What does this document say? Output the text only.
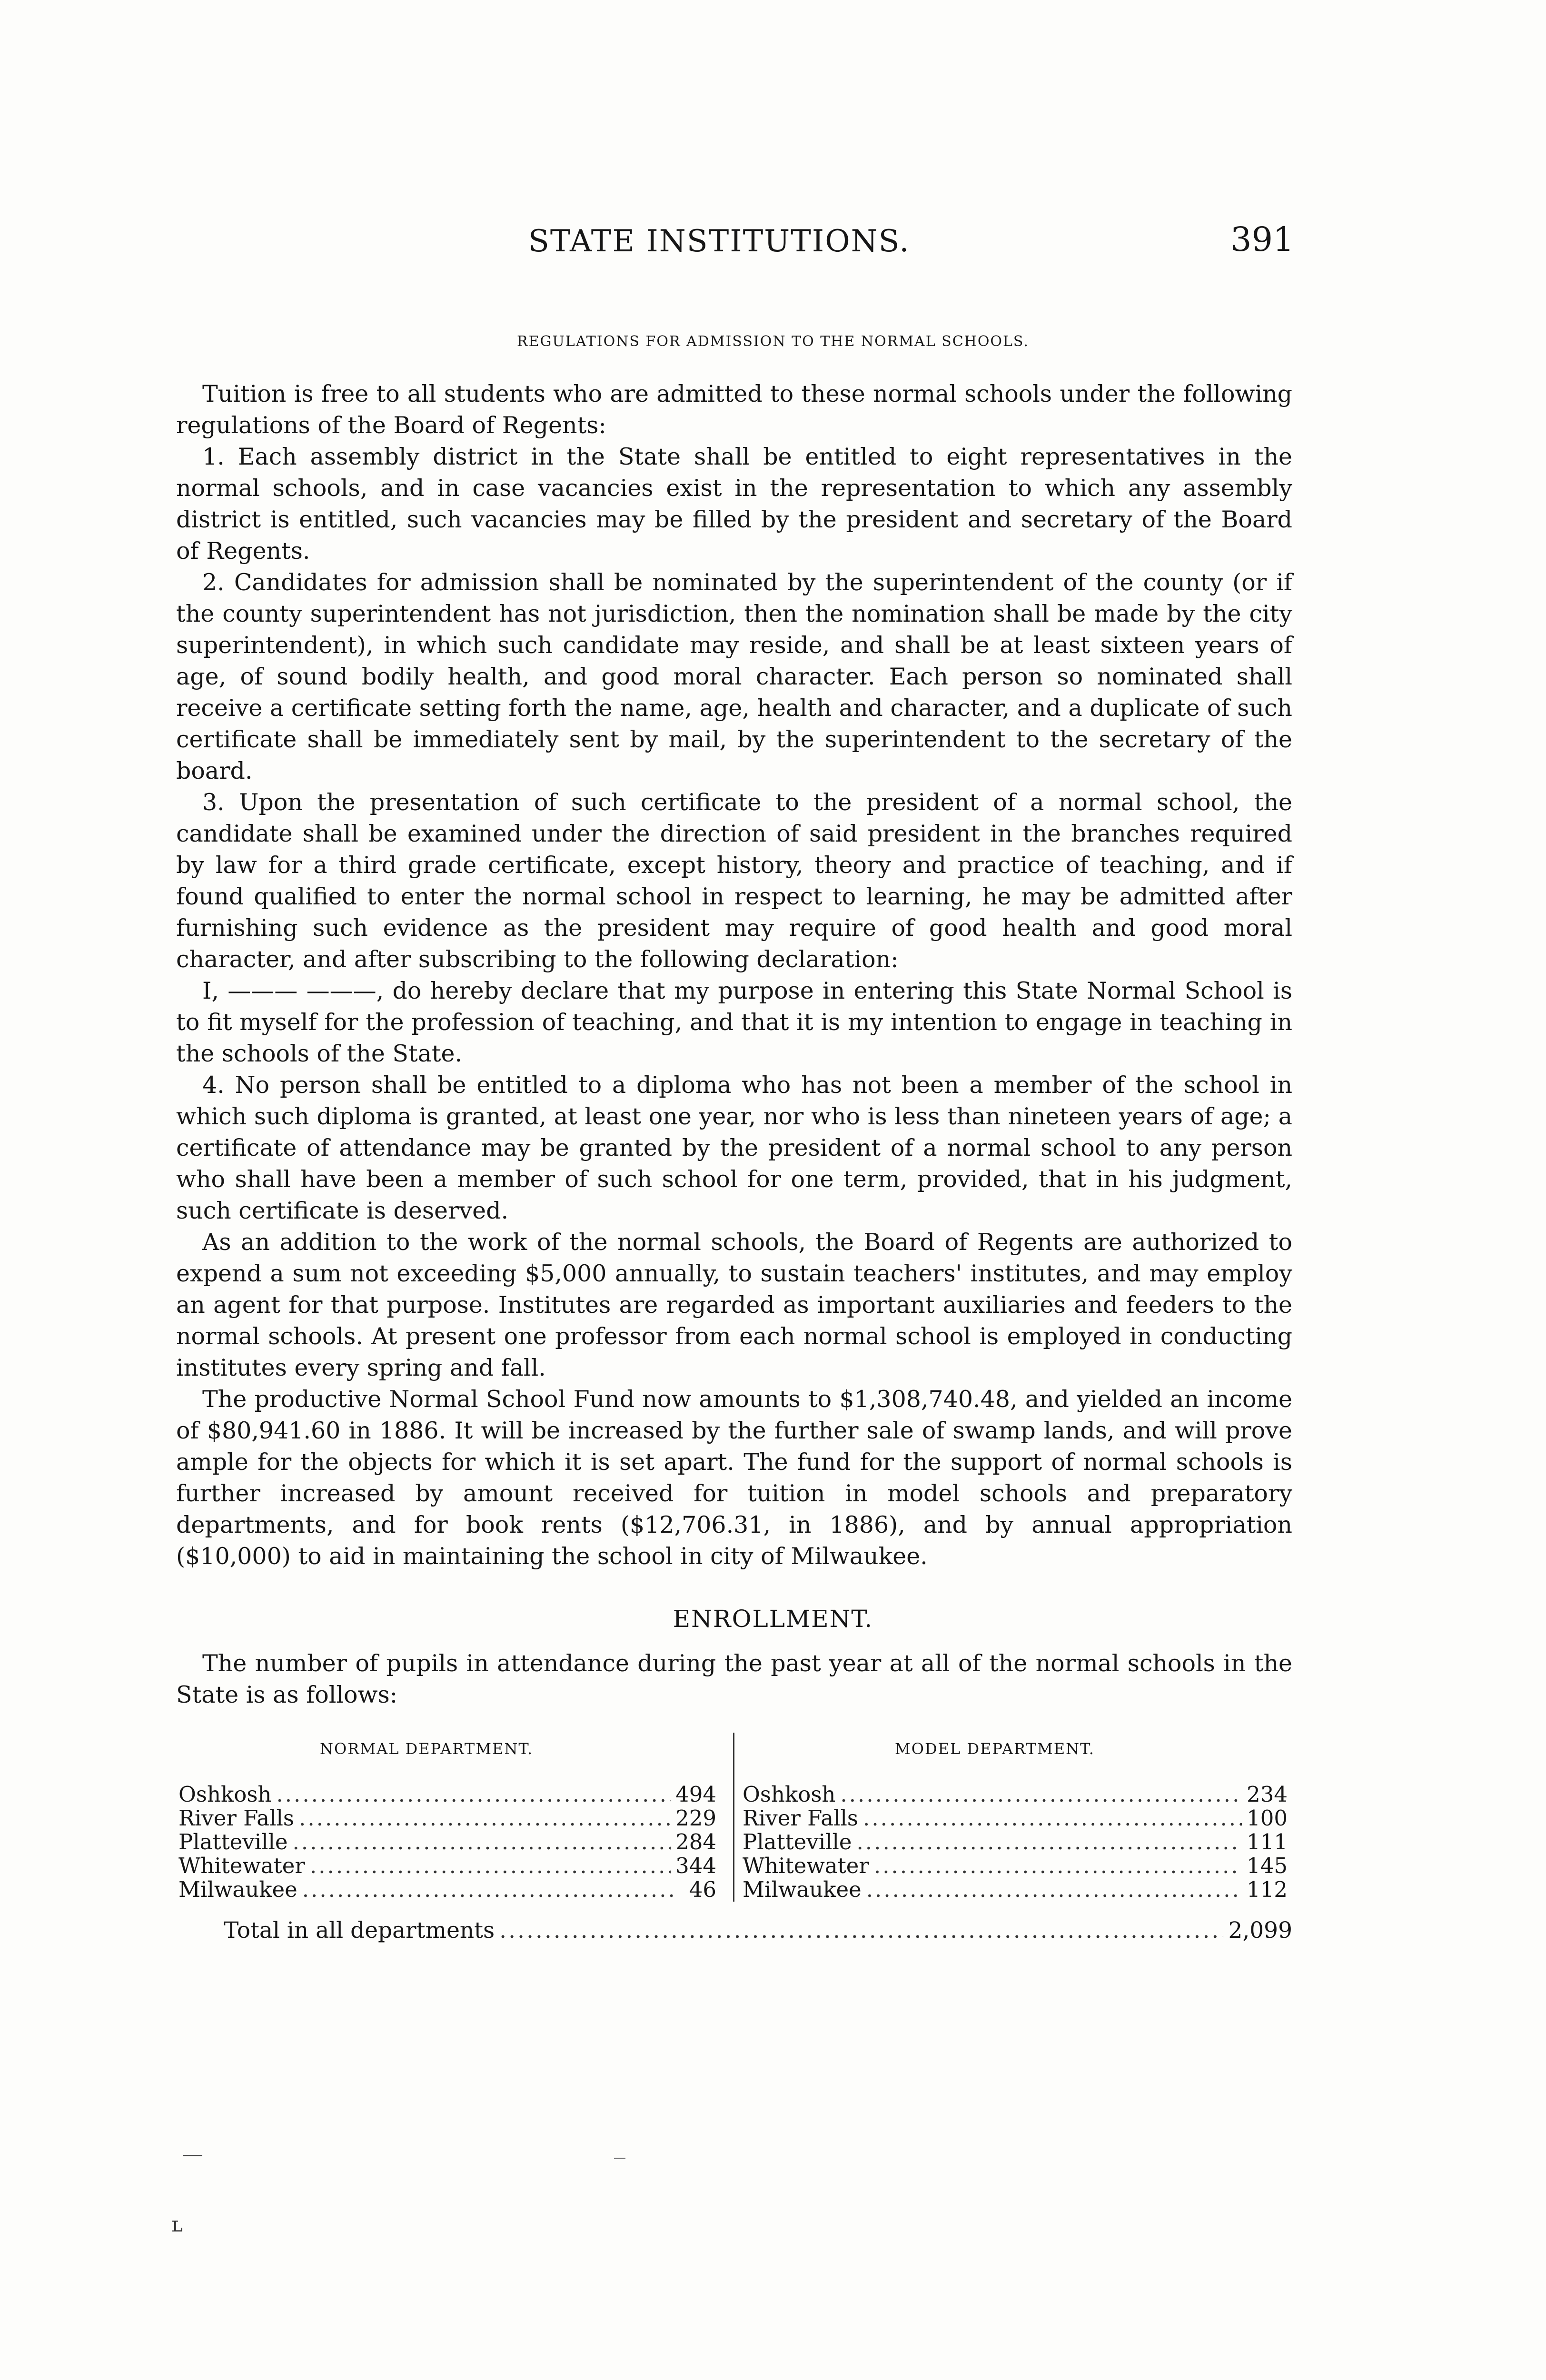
STATE INSTITUTIONS.	391
REGULATIONS FOR ADMISSION TO THE NORMAL SCHOOLS.

Tuition is free to all students who are admitted to these normal schools under the following regulations of the Board of Regents:

1. Each assembly district in the State shall be entitled to eight representatives in the normal schools, and in case vacancies exist in the representation to which any assembly district is entitled, such vacancies may be filled by the president and secretary of the Board of Regents.

2. Candidates for admission shall be nominated by the superintendent of the county (or if the county superintendent has not jurisdiction, then the nomination shall be made by the city superintendent), in which such candidate may reside, and shall be at least sixteen years of age, of sound bodily health, and good moral character. Each person so nominated shall receive a certificate setting forth the name, age, health and character, and a duplicate of such certificate shall be immediately sent by mail, by the superintendent to the secretary of the board.

3. Upon the presentation of such certificate to the president of a normal school, the candidate shall be examined under the direction of said president in the branches required by law for a third grade certificate, except history, theory and practice of teaching, and if found qualified to enter the normal school in respect to learning, he may be admitted after furnishing such evidence as the president may require of good health and good moral character, and after subscribing to the following declaration:

I, ——— ———, do hereby declare that my purpose in entering this State Normal School is to fit myself for the profession of teaching, and that it is my intention to engage in teaching in the schools of the State.

4. No person shall be entitled to a diploma who has not been a member of the school in which such diploma is granted, at least one year, nor who is less than nineteen years of age; a certificate of attendance may be granted by the president of a normal school to any person who shall have been a member of such school for one term, provided, that in his judgment, such certificate is deserved.

As an addition to the work of the normal schools, the Board of Regents are authorized to expend a sum not exceeding $5,000 annually, to sustain teachers' institutes, and may employ an agent for that purpose. Institutes are regarded as important auxiliaries and feeders to the normal schools. At present one professor from each normal school is employed in conducting institutes every spring and fall.

The productive Normal School Fund now amounts to $1,308,740.48, and yielded an income of $80,941.60 in 1886. It will be increased by the further sale of swamp lands, and will prove ample for the objects for which it is set apart. The fund for the support of normal schools is further increased by amount received for tuition in model schools and preparatory departments, and for book rents ($12,706.31, in 1886), and by annual appropriation ($10,000) to aid in maintaining the school in city of Milwaukee.

ENROLLMENT.

The number of pupils in attendance during the past year at all of the normal schools in the State is as follows:

NORMAL DEPARTMENT.	MODEL DEPARTMENT.
Oshkosh .....	494
River Falls .....	229
Platteville .....	284
Whitewater .....	344
Milwaukee .....	46
Oshkosh .....	234
River Falls .....	100
Platteville .....	111
Whitewater .....	145
Milwaukee .....	112
Total in all departments .....	2,099
ʟ
